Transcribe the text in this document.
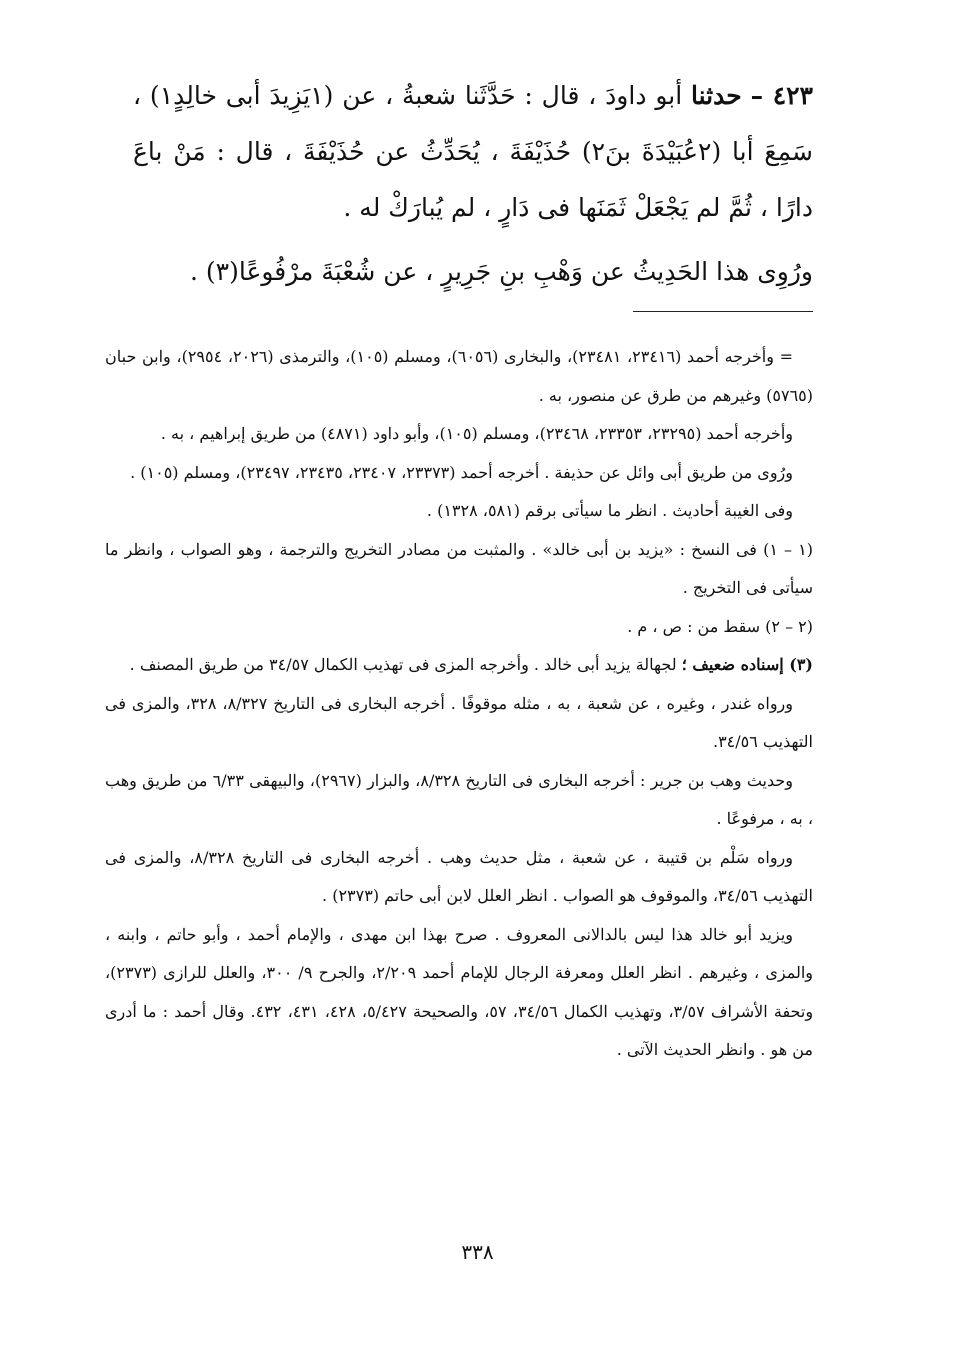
٤٢٣ – حدثنا أبو داودَ ، قال : حَدَّثَنا شعبةُ ، عن (١يَزِيدَ أبى خالِدٍ١) ، سَمِعَ أبا (٢عُبَيْدَةَ بنَ٢) حُذَيْفَةَ ، يُحَدِّثُ عن حُذَيْفَةَ ، قال : مَنْ باعَ دارًا ، ثُمَّ لم يَجْعَلْ ثَمَنَها فى دَارٍ ، لم يُبارَكْ له .

ورُوِى هذا الحَدِيثُ عن وَهْبِ بنِ جَرِيرٍ ، عن شُعْبَةَ مرْفُوعًا(٣) .

= وأخرجه أحمد (٢٣٤١٦، ٢٣٤٨١)، والبخارى (٦٠٥٦)، ومسلم (١٠٥)، والترمذى (٢٠٢٦، ٢٩٥٤)، وابن حبان (٥٧٦٥) وغيرهم من طرق عن منصور، به .

وأخرجه أحمد (٢٣٢٩٥، ٢٣٣٥٣، ٢٣٤٦٨)، ومسلم (١٠٥)، وأبو داود (٤٨٧١) من طريق إبراهيم ، به .

ورُوى من طريق أبى وائل عن حذيفة . أخرجه أحمد (٢٣٣٧٣، ٢٣٤٠٧، ٢٣٤٣٥، ٢٣٤٩٧)، ومسلم (١٠٥) .

وفى الغيبة أحاديث . انظر ما سيأتى برقم (٥٨١، ١٣٢٨) .

(١ – ١) فى النسخ : «يزيد بن أبى خالد» . والمثبت من مصادر التخريج والترجمة ، وهو الصواب ، وانظر ما سيأتى فى التخريج .

(٢ – ٢) سقط من : ص ، م .

(٣) إسناده ضعيف ؛ لجهالة يزيد أبى خالد . وأخرجه المزى فى تهذيب الكمال ٣٤/٥٧ من طريق المصنف .

ورواه غندر ، وغيره ، عن شعبة ، به ، مثله موقوفًا . أخرجه البخارى فى التاريخ ٨/٣٢٧، ٣٢٨، والمزى فى التهذيب ٣٤/٥٦.

وحديث وهب بن جرير : أخرجه البخارى فى التاريخ ٨/٣٢٨، والبزار (٢٩٦٧)، والبيهقى ٦/٣٣ من طريق وهب ، به ، مرفوعًا .

ورواه سَلْم بن قتيبة ، عن شعبة ، مثل حديث وهب . أخرجه البخارى فى التاريخ ٨/٣٢٨، والمزى فى التهذيب ٣٤/٥٦، والموقوف هو الصواب . انظر العلل لابن أبى حاتم (٢٣٧٣) .

ويزيد أبو خالد هذا ليس بالدالانى المعروف . صرح بهذا ابن مهدى ، والإمام أحمد ، وأبو حاتم ، وابنه ، والمزى ، وغيرهم . انظر العلل ومعرفة الرجال للإمام أحمد ٢/٢٠٩، والجرح ٩/ ٣٠٠، والعلل للرازى (٢٣٧٣)، وتحفة الأشراف ٣/٥٧، وتهذيب الكمال ٣٤/٥٦، ٥٧، والصحيحة ٥/٤٢٧، ٤٢٨، ٤٣١، ٤٣٢. وقال أحمد : ما أدرى من هو . وانظر الحديث الآتى .

٣٣٨
